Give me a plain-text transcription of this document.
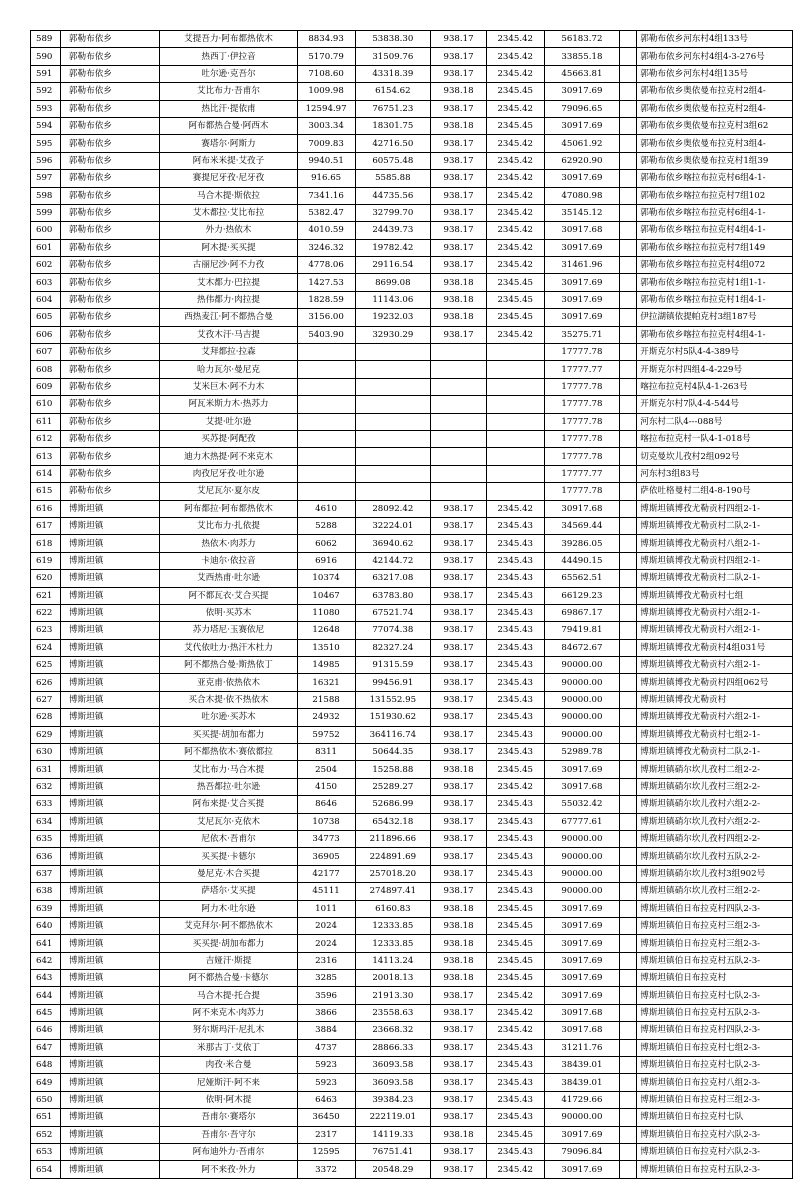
589	郭勒布依乡	艾提吾力·阿布都热依木	8834.93	53838.30	938.17	2345.42	56183.72		郭勒布依乡河东村4组133号
590	郭勒布依乡	热西丁·伊拉音	5170.79	31509.76	938.17	2345.42	33855.18		郭勒布依乡河东村4组4-3-276号
591	郭勒布依乡	吐尔逊·克吾尔	7108.60	43318.39	938.17	2345.42	45663.81		郭勒布依乡河东村4组135号
592	郭勒布依乡	艾比布力·吾甫尔	1009.98	6154.62	938.18	2345.45	30917.69		郭勒布依乡奥依曼布拉克村2组4-
593	郭勒布依乡	热比汗·提依甫	12594.97	76751.23	938.17	2345.42	79096.65		郭勒布依乡奥依曼布拉克村2组4-
594	郭勒布依乡	阿布都热合曼·阿西木	3003.34	18301.75	938.18	2345.45	30917.69		郭勒布依乡奥依曼布拉克村3组62
595	郭勒布依乡	赛塔尔·阿斯力	7009.83	42716.50	938.17	2345.42	45061.92		郭勒布依乡奥依曼布拉克村3组4-
596	郭勒布依乡	阿布米米提·艾孜子	9940.51	60575.48	938.17	2345.42	62920.90		郭勒布依乡奥依曼布拉克村1组39
597	郭勒布依乡	赛提尼牙孜·尼牙孜	916.65	5585.88	938.17	2345.42	30917.69		郭勒布依乡喀拉布拉克村6组4-1-
598	郭勒布依乡	马合木提·斯依拉	7341.16	44735.56	938.17	2345.42	47080.98		郭勒布依乡喀拉布拉克村7组102
599	郭勒布依乡	艾木都拉·艾比布拉	5382.47	32799.70	938.17	2345.42	35145.12		郭勒布依乡喀拉布拉克村6组4-1-
600	郭勒布依乡	外力·热依木	4010.59	24439.73	938.17	2345.42	30917.68		郭勒布依乡喀拉布拉克村4组4-1-
601	郭勒布依乡	阿木提·买买提	3246.32	19782.42	938.17	2345.42	30917.69		郭勒布依乡喀拉布拉克村7组149
602	郭勒布依乡	古丽尼沙·阿不力孜	4778.06	29116.54	938.17	2345.42	31461.96		郭勒布依乡喀拉布拉克村4组072
603	郭勒布依乡	艾木都力·巴拉提	1427.53	8699.08	938.18	2345.45	30917.69		郭勒布依乡喀拉布拉克村1组1-1-
604	郭勒布依乡	热伟都力·肉拉提	1828.59	11143.06	938.18	2345.45	30917.69		郭勒布依乡喀拉布拉克村1组4-1-
605	郭勒布依乡	西热麦江·阿不都热合曼	3156.00	19232.03	938.18	2345.45	30917.69		伊拉湖镇依提帕克村3组187号
606	郭勒布依乡	艾孜木汗·马吉提	5403.90	32930.29	938.17	2345.42	35275.71		郭勒布依乡喀拉布拉克村4组4-1-
607	郭勒布依乡	艾拜都拉·拉森					17777.78		开斯克尔村5队4-4-389号
608	郭勒布依乡	哈力瓦尔·曼尼克					17777.77		开斯克尔村四组4-4-229号
609	郭勒布依乡	艾米巨木·阿不力木					17777.78		喀拉布拉克村4队4-1-263号
610	郭勒布依乡	阿瓦米斯力木·热苏力					17777.78		开斯克尔村7队4-4-544号
611	郭勒布依乡	艾提·吐尔逊					17777.78		河东村二队4---088号
612	郭勒布依乡	买苏提·阿配孜					17777.78		喀拉布拉克村一队4-1-018号
613	郭勒布依乡	迪力木热提·阿不来克木					17777.78		切克曼坎儿孜村2组092号
614	郭勒布依乡	肉孜尼牙孜·吐尔逊					17777.77		河东村3组83号
615	郭勒布依乡	艾尼瓦尔·夏尔皮					17777.78		萨依吐格曼村二组4-8-190号
616	博斯坦镇	阿布都拉·阿布都热依木	4610	28092.42	938.17	2345.42	30917.68		博斯坦镇博孜尤勒贡村四组2-1-
617	博斯坦镇	艾比布力·扎依提	5288	32224.01	938.17	2345.43	34569.44		博斯坦镇博孜尤勒贡村二队2-1-
618	博斯坦镇	热依木·肉苏力	6062	36940.62	938.17	2345.43	39286.05		博斯坦镇博孜尤勒贡村八组2-1-
619	博斯坦镇	卡迪尔·依拉音	6916	42144.72	938.17	2345.43	44490.15		博斯坦镇博孜尤勒贡村四组2-1-
620	博斯坦镇	艾西热甫·吐尔逊	10374	63217.08	938.17	2345.43	65562.51		博斯坦镇博孜尤勒贡村二队2-1-
621	博斯坦镇	阿不都瓦衣·艾合买提	10467	63783.80	938.17	2345.43	66129.23		博斯坦镇博孜尤勒贡村七组
622	博斯坦镇	依明·买苏木	11080	67521.74	938.17	2345.43	69867.17		博斯坦镇博孜尤勒贡村六组2-1-
623	博斯坦镇	苏力塔尼·玉赛依尼	12648	77074.38	938.17	2345.43	79419.81		博斯坦镇博孜尤勒贡村六组2-1-
624	博斯坦镇	艾代依吐力·热汗木杜力	13510	82327.24	938.17	2345.43	84672.67		博斯坦镇博孜尤勒贡村4组031号
625	博斯坦镇	阿不都热合曼·斯热依丁	14985	91315.59	938.17	2345.43	90000.00		博斯坦镇博孜尤勒贡村六组2-1-
626	博斯坦镇	亚克甫·依热依木	16321	99456.91	938.17	2345.43	90000.00		博斯坦镇博孜尤勒贡村四组062号
627	博斯坦镇	买合木提·依不热依木	21588	131552.95	938.17	2345.43	90000.00		博斯坦镇博孜尤勒贡村
628	博斯坦镇	吐尔逊·买苏木	24932	151930.62	938.17	2345.43	90000.00		博斯坦镇博孜尤勒贡村六组2-1-
629	博斯坦镇	买买提·胡加布都力	59752	364116.74	938.17	2345.43	90000.00		博斯坦镇博孜尤勒贡村七组2-1-
630	博斯坦镇	阿不都热依木·赛依都拉	8311	50644.35	938.17	2345.43	52989.78		博斯坦镇博孜尤勒贡村二队2-1-
631	博斯坦镇	艾比布力·马合木提	2504	15258.88	938.18	2345.45	30917.69		博斯坦镇硝尔坎儿孜村二组2-2-
632	博斯坦镇	热吾都拉·吐尔逊	4150	25289.27	938.17	2345.42	30917.68		博斯坦镇硝尔坎儿孜村三组2-2-
633	博斯坦镇	阿布来提·艾合买提	8646	52686.99	938.17	2345.43	55032.42		博斯坦镇硝尔坎儿孜村六组2-2-
634	博斯坦镇	艾尼瓦尔·克依木	10738	65432.18	938.17	2345.43	67777.61		博斯坦镇硝尔坎儿孜村六组2-2-
635	博斯坦镇	尼依木·吾甫尔	34773	211896.66	938.17	2345.43	90000.00		博斯坦镇硝尔坎儿孜村四组2-2-
636	博斯坦镇	买买提·卡德尔	36905	224891.69	938.17	2345.43	90000.00		博斯坦镇硝尔坎儿孜村五队2-2-
637	博斯坦镇	曼尼克·木合买提	42177	257018.20	938.17	2345.43	90000.00		博斯坦镇硝尔坎儿孜村3组902号
638	博斯坦镇	萨塔尔·艾买提	45111	274897.41	938.17	2345.43	90000.00		博斯坦镇硝尔坎儿孜村三组2-2-
639	博斯坦镇	阿力木·吐尔逊	1011	6160.83	938.18	2345.45	30917.69		博斯坦镇伯日布拉克村四队2-3-
640	博斯坦镇	艾克拜尔·阿不都热依木	2024	12333.85	938.18	2345.45	30917.69		博斯坦镇伯日布拉克村三组2-3-
641	博斯坦镇	买买提·胡加布都力	2024	12333.85	938.18	2345.45	30917.69		博斯坦镇伯日布拉克村三组2-3-
642	博斯坦镇	吉娅汗·斯提	2316	14113.24	938.18	2345.45	30917.69		博斯坦镇伯日布拉克村五队2-3-
643	博斯坦镇	阿不都热合曼·卡德尔	3285	20018.13	938.18	2345.45	30917.69		博斯坦镇伯日布拉克村
644	博斯坦镇	马合木提·托合提	3596	21913.30	938.17	2345.42	30917.69		博斯坦镇伯日布拉克村七队2-3-
645	博斯坦镇	阿不来克木·肉苏力	3866	23558.63	938.17	2345.42	30917.68		博斯坦镇伯日布拉克村五队2-3-
646	博斯坦镇	努尔斯玛汗·尼扎木	3884	23668.32	938.17	2345.42	30917.68		博斯坦镇伯日布拉克村四队2-3-
647	博斯坦镇	米那古丁·艾依丁	4737	28866.33	938.17	2345.43	31211.76		博斯坦镇伯日布拉克村七组2-3-
648	博斯坦镇	肉孜·米合曼	5923	36093.58	938.17	2345.43	38439.01		博斯坦镇伯日布拉克村七队2-3-
649	博斯坦镇	尼娅斯汗·阿不来	5923	36093.58	938.17	2345.43	38439.01		博斯坦镇伯日布拉克村八组2-3-
650	博斯坦镇	依明·阿木提	6463	39384.23	938.17	2345.43	41729.66		博斯坦镇伯日布拉克村三组2-3-
651	博斯坦镇	吾甫尔·赛塔尔	36450	222119.01	938.17	2345.43	90000.00		博斯坦镇伯日布拉克村七队
652	博斯坦镇	吾甫尔·吾守尔	2317	14119.33	938.18	2345.45	30917.69		博斯坦镇伯日布拉克村六队2-3-
653	博斯坦镇	阿布迪外力·吾甫尔	12595	76751.41	938.17	2345.43	79096.84		博斯坦镇伯日布拉克村六队2-3-
654	博斯坦镇	阿不来孜·外力	3372	20548.29	938.17	2345.42	30917.69		博斯坦镇伯日布拉克村五队2-3-
